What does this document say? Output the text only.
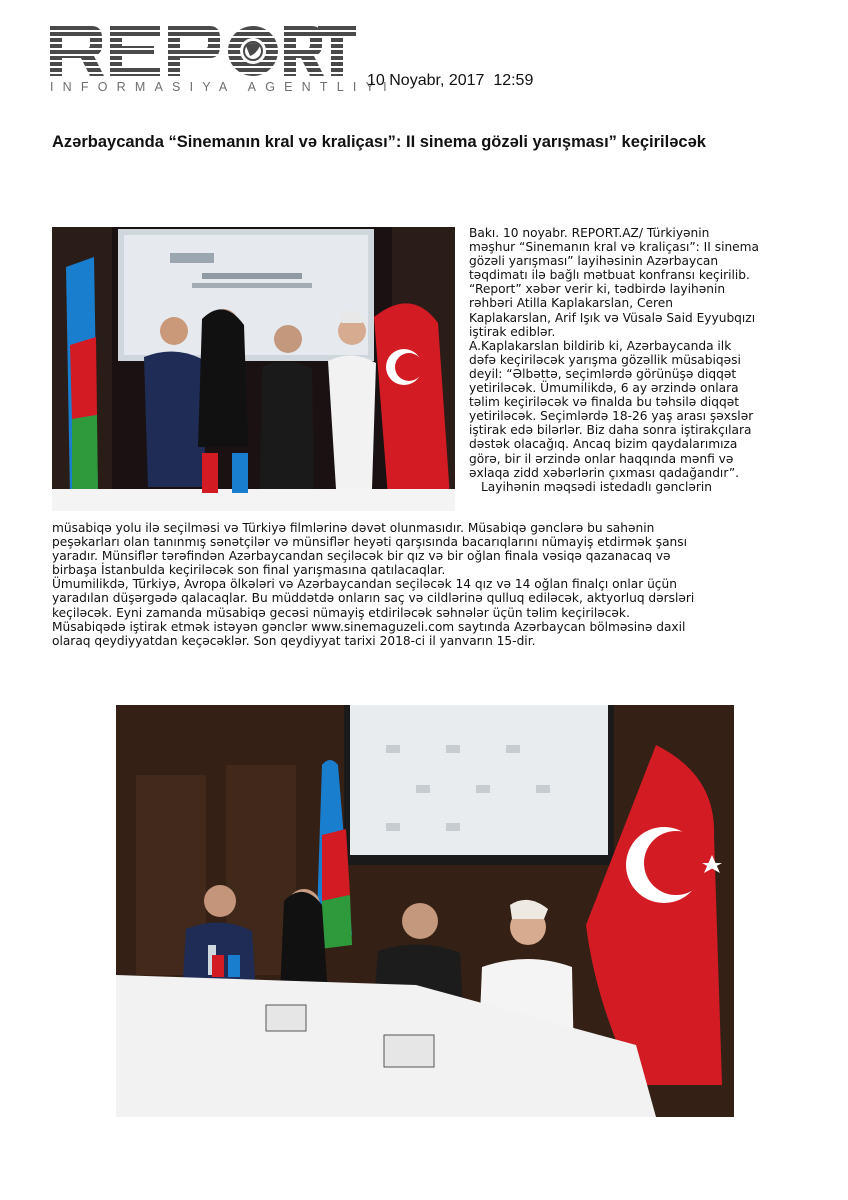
INFORMASIYA AGENTLIYI
10 Noyabr, 2017  12:59
Azərbaycanda “Sinemanın kral və kraliçası”: II sinema gözəli yarışması” keçiriləcək
Bakı. 10 noyabr. REPORT.AZ/ Türkiyənin
məşhur “Sinemanın kral və kraliçası”: II sinema
gözəli yarışması” layihəsinin Azərbaycan
təqdimatı ilə bağlı mətbuat konfransı keçirilib.
“Report” xəbər verir ki, tədbirdə layihənin
rəhbəri Atilla Kaplakarslan, Ceren
Kaplakarslan, Arif Işık və Vüsalə Said Eyyubqızı
iştirak ediblər.
A.Kaplakarslan bildirib ki, Azərbaycanda ilk
dəfə keçiriləcək yarışma gözəllik müsabiqəsi
deyil: “Əlbəttə, seçimlərdə görünüşə diqqət
yetiriləcək. Ümumilikdə, 6 ay ərzində onlara
təlim keçiriləcək və finalda bu təhsilə diqqət
yetiriləcək. Seçimlərdə 18-26 yaş arası şəxslər
iştirak edə bilərlər. Biz daha sonra iştirakçılara
dəstək olacağıq. Ancaq bizim qaydalarımıza
görə, bir il ərzində onlar haqqında mənfi və
əxlaqa zidd xəbərlərin çıxması qadağandır”.
Layihənin məqsədi istedadlı gənclərin
müsabiqə yolu ilə seçilməsi və Türkiyə filmlərinə dəvət olunmasıdır. Müsabiqə gənclərə bu sahənin
peşəkarları olan tanınmış sənətçilər və münsiflər heyəti qarşısında bacarıqlarını nümayiş etdirmək şansı
yaradır. Münsiflər tərəfindən Azərbaycandan seçiləcək bir qız və bir oğlan finala vəsiqə qazanacaq və
birbaşa İstanbulda keçiriləcək son final yarışmasına qatılacaqlar.
Ümumilikdə, Türkiyə, Avropa ölkələri və Azərbaycandan seçiləcək 14 qız və 14 oğlan finalçı onlar üçün
yaradılan düşərgədə qalacaqlar. Bu müddətdə onların saç və cildlərinə qulluq ediləcək, aktyorluq dərsləri
keçiləcək. Eyni zamanda müsabiqə gecəsi nümayiş etdiriləcək səhnələr üçün təlim keçiriləcək.
Müsabiqədə iştirak etmək istəyən gənclər www.sinemaguzeli.com saytında Azərbaycan bölməsinə daxil
olaraq qeydiyyatdan keçəcəklər. Son qeydiyyat tarixi 2018-ci il yanvarın 15-dir.
